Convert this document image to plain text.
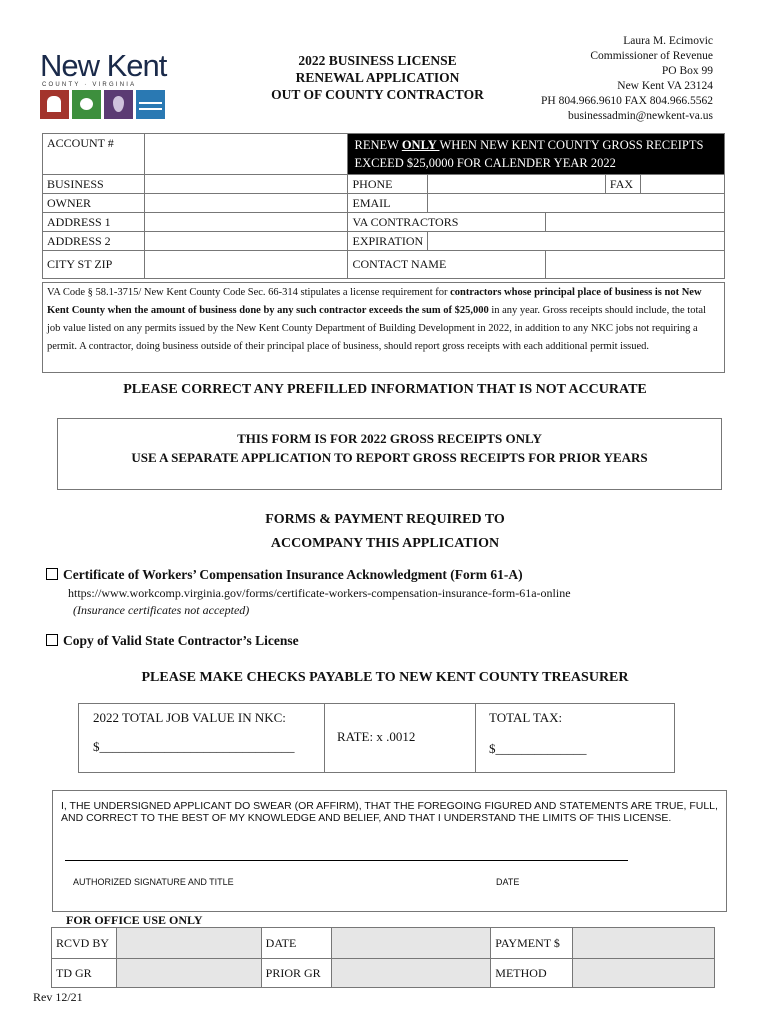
New Kent
COUNTY · VIRGINIA
2022 BUSINESS LICENSE
RENEWAL APPLICATION
OUT OF COUNTY CONTRACTOR
Laura M. Ecimovic
Commissioner of Revenue
PO Box 99
New Kent VA 23124
PH 804.966.9610 FAX 804.966.5562
businessadmin@newkent-va.us
ACCOUNT #		RENEW ONLY WHEN NEW KENT COUNTY GROSS RECEIPTS EXCEED $25,0000 FOR CALENDER YEAR 2022				
BUSINESS		PHONE			FAX	
OWNER		EMAIL				
ADDRESS 1		VA CONTRACTORS				
ADDRESS 2		EXPIRATION				
CITY ST ZIP		CONTACT NAME				
VA Code § 58.1-3715/ New Kent County Code Sec. 66-314 stipulates a license requirement for contractors whose principal place of business is not New Kent County when the amount of business done by any such contractor exceeds the sum of $25,000 in any year. Gross receipts should include, the total job value listed on any permits issued by the New Kent County Department of Building Development in 2022, in addition to any NKC jobs not requiring a permit. A contractor, doing business outside of their principal place of business, should report gross receipts with each additional permit issued.
PLEASE CORRECT ANY PREFILLED INFORMATION THAT IS NOT ACCURATE
THIS FORM IS FOR 2022 GROSS RECEIPTS ONLY
USE A SEPARATE APPLICATION TO REPORT GROSS RECEIPTS FOR PRIOR YEARS
FORMS & PAYMENT REQUIRED TO
ACCOMPANY THIS APPLICATION
Certificate of Workers’ Compensation Insurance Acknowledgment (Form 61-A)
https://www.workcomp.virginia.gov/forms/certificate-workers-compensation-insurance-form-61a-online
(Insurance certificates not accepted)
Copy of Valid State Contractor’s License
PLEASE MAKE CHECKS PAYABLE TO NEW KENT COUNTY TREASURER
2022 TOTAL JOB VALUE IN NKC:
$______________________________
RATE: x .0012
TOTAL TAX:
$______________
I, THE UNDERSIGNED APPLICANT DO SWEAR (OR AFFIRM), THAT THE FOREGOING FIGURED AND STATEMENTS ARE TRUE, FULL, AND CORRECT TO THE BEST OF MY KNOWLEDGE AND BELIEF, AND THAT I UNDERSTAND THE LIMITS OF THIS LICENSE.
AUTHORIZED SIGNATURE AND TITLE	DATE
FOR OFFICE USE ONLY
RCVD BY		DATE		PAYMENT $	
TD GR		PRIOR GR		METHOD	
Rev 12/21
